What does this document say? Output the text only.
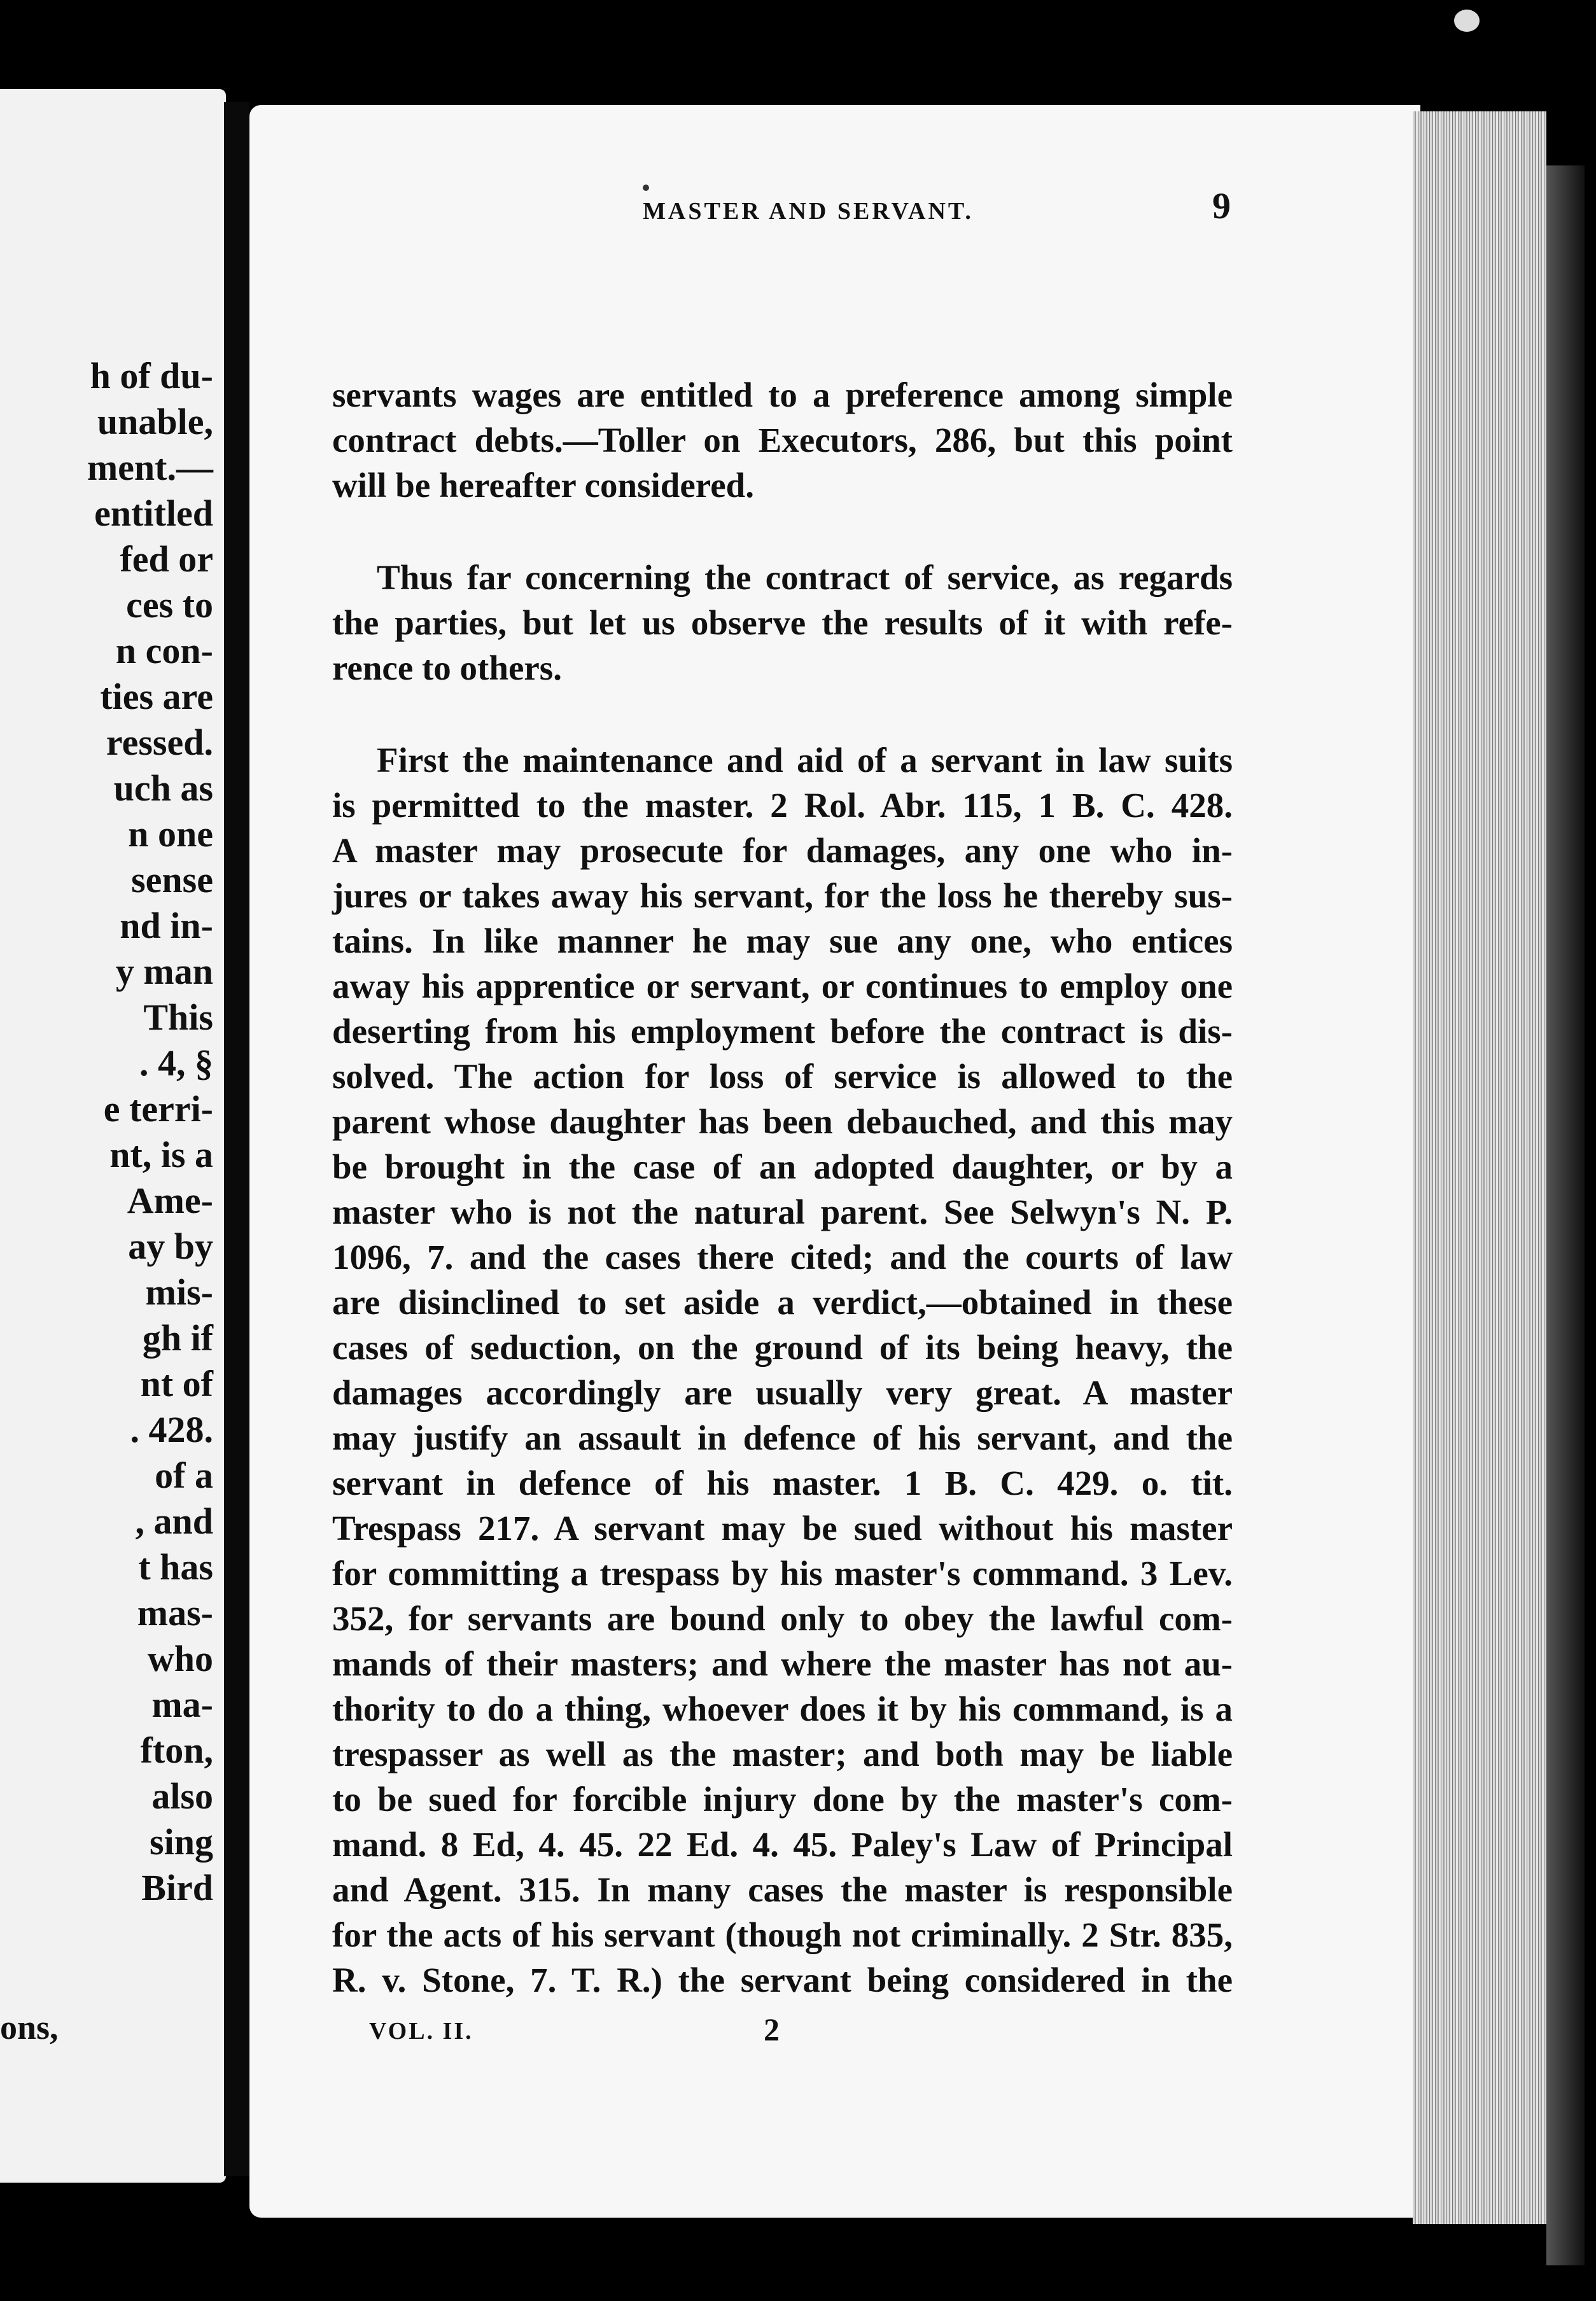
h of du-
unable,
ment.—
entitled
fed or
ces to
n con-
ties are
ressed.
uch as
n one
sense
nd in-
y man
This
. 4, §
e terri-
nt, is a
Ame-
ay by
mis-
gh if
nt of
. 428.
of a
, and
t has
mas-
who
ma-
fton,
also
sing
Bird
ons,
MASTER AND SERVANT.	9
servants wages are entitled to a preference among simple
contract debts.—Toller on Executors, 286, but this point
will be hereafter considered.
Thus far concerning the contract of service, as regards
the parties, but let us observe the results of it with refe-
rence to others.
First the maintenance and aid of a servant in law suits
is permitted to the master. 2 Rol. Abr. 115, 1 B. C. 428.
A master may prosecute for damages, any one who in-
jures or takes away his servant, for the loss he thereby sus-
tains. In like manner he may sue any one, who entices
away his apprentice or servant, or continues to employ one
deserting from his employment before the contract is dis-
solved. The action for loss of service is allowed to the
parent whose daughter has been debauched, and this may
be brought in the case of an adopted daughter, or by a
master who is not the natural parent. See Selwyn's N. P.
1096, 7. and the cases there cited; and the courts of law
are disinclined to set aside a verdict,—obtained in these
cases of seduction, on the ground of its being heavy, the
damages accordingly are usually very great. A master
may justify an assault in defence of his servant, and the
servant in defence of his master. 1 B. C. 429. o. tit.
Trespass 217. A servant may be sued without his master
for committing a trespass by his master's command. 3 Lev.
352, for servants are bound only to obey the lawful com-
mands of their masters; and where the master has not au-
thority to do a thing, whoever does it by his command, is a
trespasser as well as the master; and both may be liable
to be sued for forcible injury done by the master's com-
mand. 8 Ed, 4. 45. 22 Ed. 4. 45. Paley's Law of Principal
and Agent. 315. In many cases the master is responsible
for the acts of his servant (though not criminally. 2 Str. 835,
R. v. Stone, 7. T. R.) the servant being considered in the
VOL. II.	2
